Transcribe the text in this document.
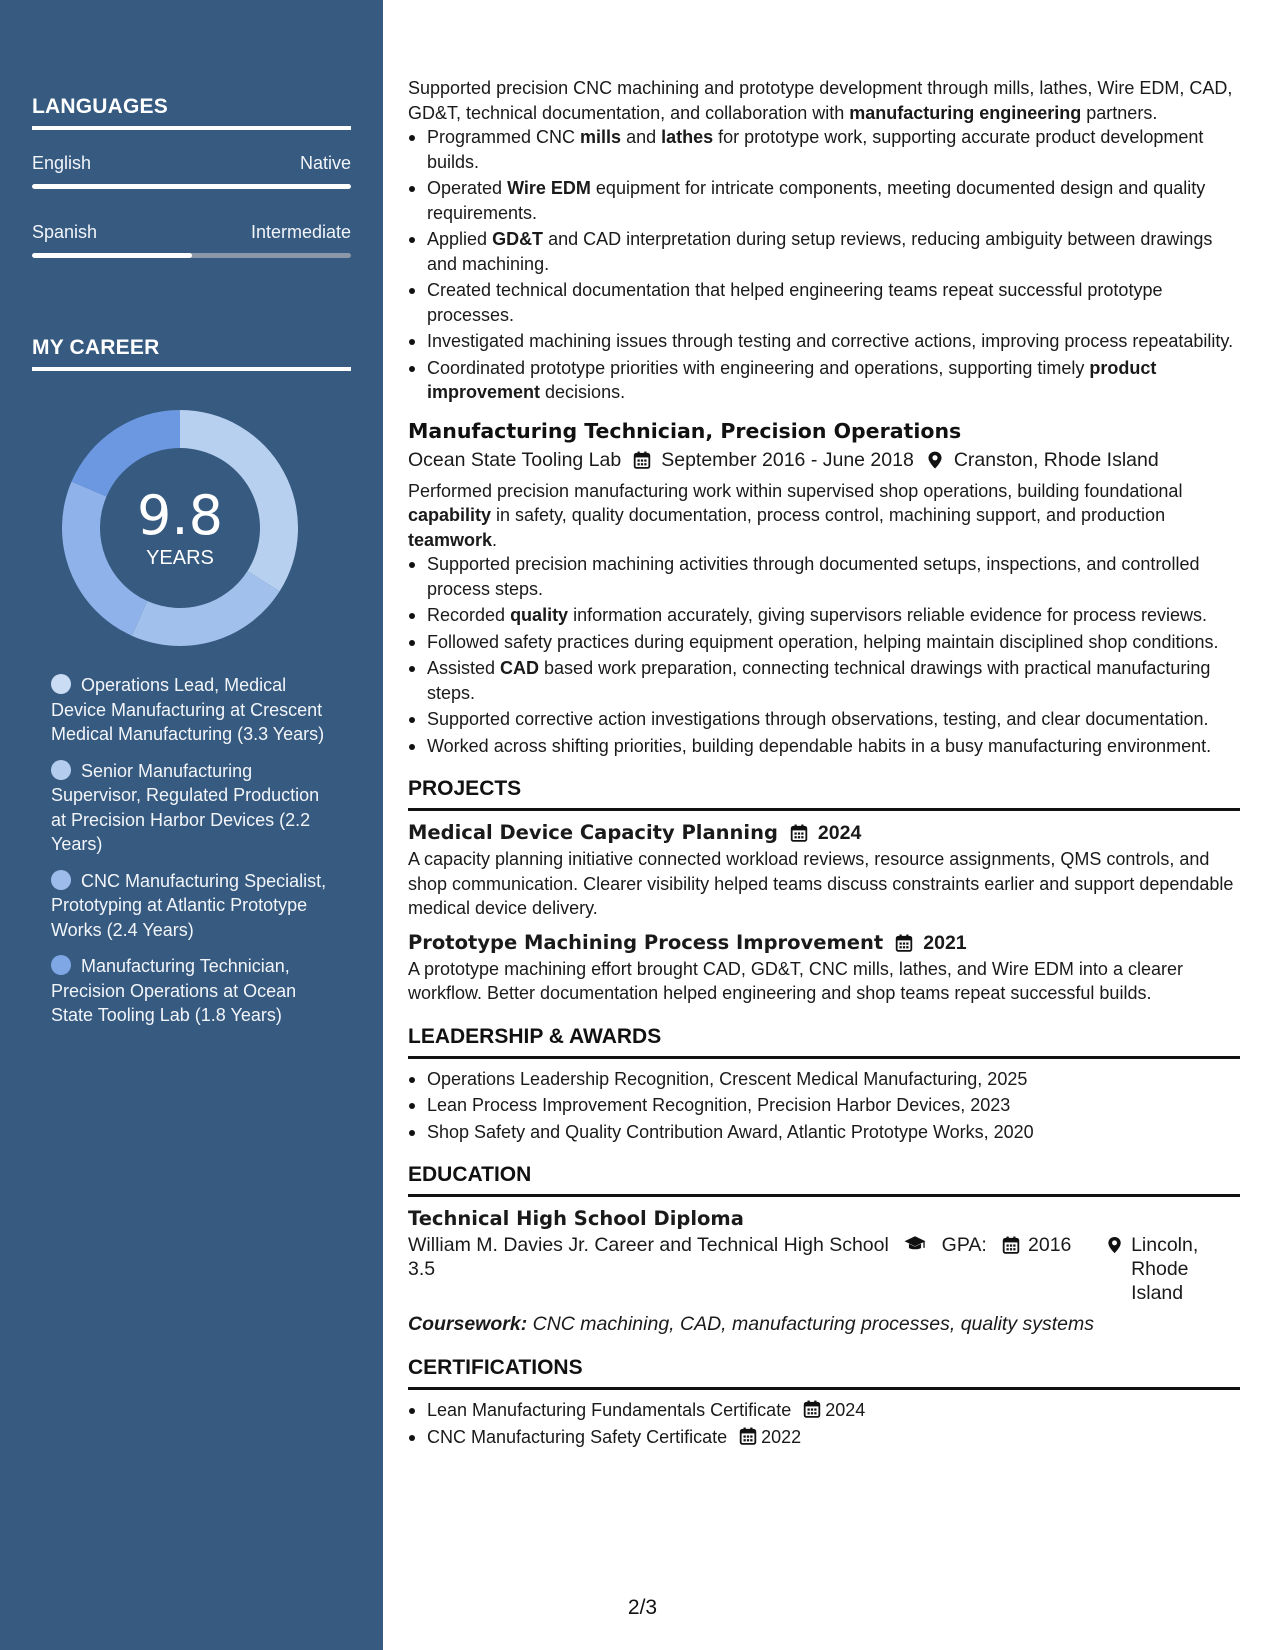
LANGUAGES
English	Native
Spanish	Intermediate
MY CAREER
9.8
YEARS
Operations Lead, Medical Device Manufacturing at Crescent Medical Manufacturing (3.3 Years)
Senior Manufacturing Supervisor, Regulated Production at Precision Harbor Devices (2.2 Years)
CNC Manufacturing Specialist, Prototyping at Atlantic Prototype Works (2.4 Years)
Manufacturing Technician, Precision Operations at Ocean State Tooling Lab (1.8 Years)

Supported precision CNC machining and prototype development through mills, lathes, Wire EDM, CAD, GD&T, technical documentation, and collaboration with manufacturing engineering partners.

Programmed CNC mills and lathes for prototype work, supporting accurate product development builds.
Operated Wire EDM equipment for intricate components, meeting documented design and quality requirements.
Applied GD&T and CAD interpretation during setup reviews, reducing ambiguity between drawings and machining.
Created technical documentation that helped engineering teams repeat successful prototype processes.
Investigated machining issues through testing and corrective actions, improving process repeatability.
Coordinated prototype priorities with engineering and operations, supporting timely product improvement decisions.
Manufacturing Technician, Precision Operations
Ocean State Tooling Lab September 2016 - June 2018 Cranston, Rhode Island

Performed precision manufacturing work within supervised shop operations, building foundational capability in safety, quality documentation, process control, machining support, and production teamwork.

Supported precision machining activities through documented setups, inspections, and controlled process steps.
Recorded quality information accurately, giving supervisors reliable evidence for process reviews.
Followed safety practices during equipment operation, helping maintain disciplined shop conditions.
Assisted CAD based work preparation, connecting technical drawings with practical manufacturing steps.
Supported corrective action investigations through observations, testing, and clear documentation.
Worked across shifting priorities, building dependable habits in a busy manufacturing environment.
PROJECTS
Medical Device Capacity Planning 2024

A capacity planning initiative connected workload reviews, resource assignments, QMS controls, and shop communication. Clearer visibility helped teams discuss constraints earlier and support dependable medical device delivery.

Prototype Machining Process Improvement 2021

A prototype machining effort brought CAD, GD&T, CNC mills, lathes, and Wire EDM into a clearer workflow. Better documentation helped engineering and shop teams repeat successful builds.

LEADERSHIP & AWARDS
Operations Leadership Recognition, Crescent Medical Manufacturing, 2025
Lean Process Improvement Recognition, Precision Harbor Devices, 2023
Shop Safety and Quality Contribution Award, Atlantic Prototype Works, 2020
EDUCATION
Technical High School Diploma
William M. Davies Jr. Career and Technical High School	GPA:
3.5
2016	Lincoln,
Rhode Island

Coursework: CNC machining, CAD, manufacturing processes, quality systems

CERTIFICATIONS
Lean Manufacturing Fundamentals Certificate 2024
CNC Manufacturing Safety Certificate 2022
2/3
